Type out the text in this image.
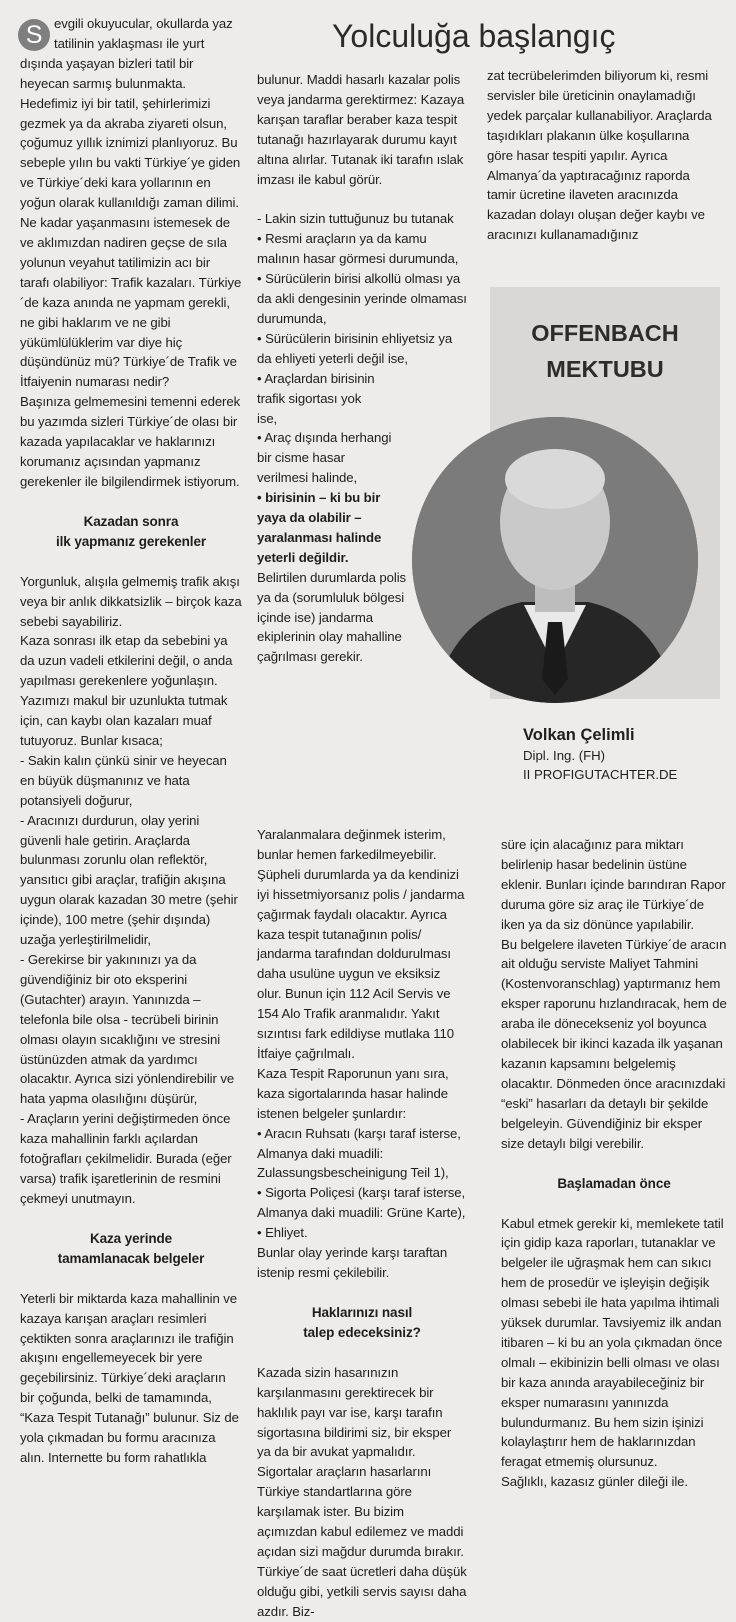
Yolculuğa başlangıç

S evgili okuyucular, okullarda yaz tatilinin yaklaşması ile yurt dışında yaşayan bizleri tatil bir heyecan sarmış bulunmakta. Hedefimiz iyi bir tatil, şehirlerimizi gezmek ya da akraba ziyareti olsun, çoğumuz yıllık iznimizi planlıyoruz. Bu sebeple yılın bu vakti Türkiye´ye giden ve Türkiye´deki kara yollarının en yoğun olarak kullanıldığı zaman dilimi.

Ne kadar yaşanmasını istemesek de ve aklımızdan nadiren geçse de sıla yolunun veyahut tatilimizin acı bir tarafı olabiliyor: Trafik kazaları. Türkiye´de kaza anında ne yapmam gerekli, ne gibi haklarım ve ne gibi yükümlülüklerim var diye hiç düşündünüz mü? Türkiye´de Trafik ve İtfaiyenin numarası nedir?

Başınıza gelmemesini temenni ederek bu yazımda sizleri Türkiye´de olası bir kazada yapılacaklar ve haklarınızı korumanız açısından yapmanız gerekenler ile bilgilendirmek istiyorum.

Kazadan sonra
ilk yapmanız gerekenler

Yorgunluk, alışıla gelmemiş trafik akışı veya bir anlık dikkatsizlik – birçok kaza sebebi sayabiliriz.

Kaza sonrası ilk etap da sebebini ya da uzun vadeli etkilerini değil, o anda yapılması gerekenlere yoğunlaşın. Yazımızı makul bir uzunlukta tutmak için, can kaybı olan kazaları muaf tutuyoruz. Bunlar kısaca;

- Sakin kalın çünkü sinir ve heyecan en büyük düşmanınız ve hata potansiyeli doğurur,

- Aracınızı durdurun, olay yerini güvenli hale getirin. Araçlarda bulunması zorunlu olan reflektör, yansıtıcı gibi araçlar, trafiğin akışına uygun olarak kazadan 30 metre (şehir içinde), 100 metre (şehir dışında) uzağa yerleştirilmelidir,

- Gerekirse bir yakınınızı ya da güvendiğiniz bir oto eksperini (Gutachter) arayın. Yanınızda – telefonla bile olsa - tecrübeli birinin olması olayın sıcaklığını ve stresini üstünüzden atmak da yardımcı olacaktır. Ayrıca sizi yönlendirebilir ve hata yapma olasılığını düşürür,

- Araçların yerini değiştirmeden önce kaza mahallinin farklı açılardan fotoğrafları çekilmelidir. Burada (eğer varsa) trafik işaretlerinin de resmini çekmeyi unutmayın.

Kaza yerinde
tamamlanacak belgeler

Yeterli bir miktarda kaza mahallinin ve kazaya karışan araçları resimleri çektikten sonra araçlarınızı ile trafiğin akışını engellemeyecek bir yere geçebilirsiniz. Türkiye´deki araçların bir çoğunda, belki de tamamında, “Kaza Tespit Tutanağı” bulunur. Siz de yola çıkmadan bu formu aracınıza alın. Internette bu form rahatlıkla

bulunur. Maddi hasarlı kazalar polis veya jandarma gerektirmez: Kazaya karışan taraflar beraber kaza tespit tutanağı hazırlayarak durumu kayıt altına alırlar. Tutanak iki tarafın ıslak imzası ile kabul görür.

- Lakin sizin tuttuğunuz bu tutanak

• Resmi araçların ya da kamu malının hasar görmesi durumunda,

• Sürücülerin birisi alkollü olması ya da akli dengesinin yerinde olmaması durumunda,

• Sürücülerin birisinin ehliyetsiz ya da ehliyeti yeterli değil ise,

• Araçlardan birisinin trafik sigortası yok ise,

• Araç dışında herhangi bir cisme hasar verilmesi halinde,

• birisinin – ki bu bir yaya da olabilir – yaralanması halinde yeterli değildir.

Belirtilen durumlarda polis ya da (sorumluluk bölgesi içinde ise) jandarma ekiplerinin olay mahalline çağrılması gerekir.

zat tecrübelerimden biliyorum ki, resmi servisler bile üreticinin onaylamadığı yedek parçalar kullanabiliyor. Araçlarda taşıdıkları plakanın ülke koşullarına göre hasar tespiti yapılır. Ayrıca Almanya´da yaptıracağınız raporda tamir ücretine ilaveten aracınızda kazadan dolayı oluşan değer kaybı ve aracınızı kullanamadığınız

OFFENBACH
MEKTUBU
Volkan Çelimli
Dipl. Ing. (FH)
II PROFIGUTACHTER.DE

Yaralanmalara değinmek isterim, bunlar hemen farkedilmeyebilir. Şüpheli durumlarda ya da kendinizi iyi hissetmiyorsanız polis / jandarma çağırmak faydalı olacaktır. Ayrıca kaza tespit tutanağının polis/ jandarma tarafından doldurulması daha usulüne uygun ve eksiksiz olur. Bunun için 112 Acil Servis ve 154 Alo Trafik aranmalıdır. Yakıt sızıntısı fark edildiyse mutlaka 110 İtfaiye çağrılmalı.

Kaza Tespit Raporunun yanı sıra, kaza sigortalarında hasar halinde istenen belgeler şunlardır:

• Aracın Ruhsatı (karşı taraf isterse, Almanya daki muadili: Zulassungsbescheinigung Teil 1),

• Sigorta Poliçesi (karşı taraf isterse, Almanya daki muadili: Grüne Karte),

• Ehliyet.

Bunlar olay yerinde karşı taraftan istenip resmi çekilebilir.

Haklarınızı nasıl
talep edeceksiniz?

Kazada sizin hasarınızın karşılanmasını gerektirecek bir haklılık payı var ise, karşı tarafın sigortasına bildirimi siz, bir eksper ya da bir avukat yapmalıdır. Sigortalar araçların hasarlarını Türkiye standartlarına göre karşılamak ister. Bu bizim açımızdan kabul edilemez ve maddi açıdan sizi mağdur durumda bırakır. Türkiye´de saat ücretleri daha düşük olduğu gibi, yetkili servis sayısı daha azdır. Biz-

süre için alacağınız para miktarı belirlenip hasar bedelinin üstüne eklenir. Bunları içinde barındıran Rapor duruma göre siz araç ile Türkiye´de iken ya da siz dönünce yapılabilir.

Bu belgelere ilaveten Türkiye´de aracın ait olduğu serviste Maliyet Tahmini (Kostenvoranschlag) yaptırmanız hem eksper raporunu hızlandıracak, hem de araba ile dönecekseniz yol boyunca olabilecek bir ikinci kazada ilk yaşanan kazanın kapsamını belgelemiş olacaktır. Dönmeden önce aracınızdaki “eski” hasarları da detaylı bir şekilde belgeleyin. Güvendiğiniz bir eksper size detaylı bilgi verebilir.

Başlamadan önce

Kabul etmek gerekir ki, memlekete tatil için gidip kaza raporları, tutanaklar ve belgeler ile uğraşmak hem can sıkıcı hem de prosedür ve işleyişin değişik olması sebebi ile hata yapılma ihtimali yüksek durumlar. Tavsiyemiz ilk andan itibaren – ki bu an yola çıkmadan önce olmalı – ekibinizin belli olması ve olası bir kaza anında arayabileceğiniz bir eksper numarasını yanınızda bulundurmanız. Bu hem sizin işinizi kolaylaştırır hem de haklarınızdan feragat etmemiş olursunuz.

Sağlıklı, kazasız günler dileği ile.
